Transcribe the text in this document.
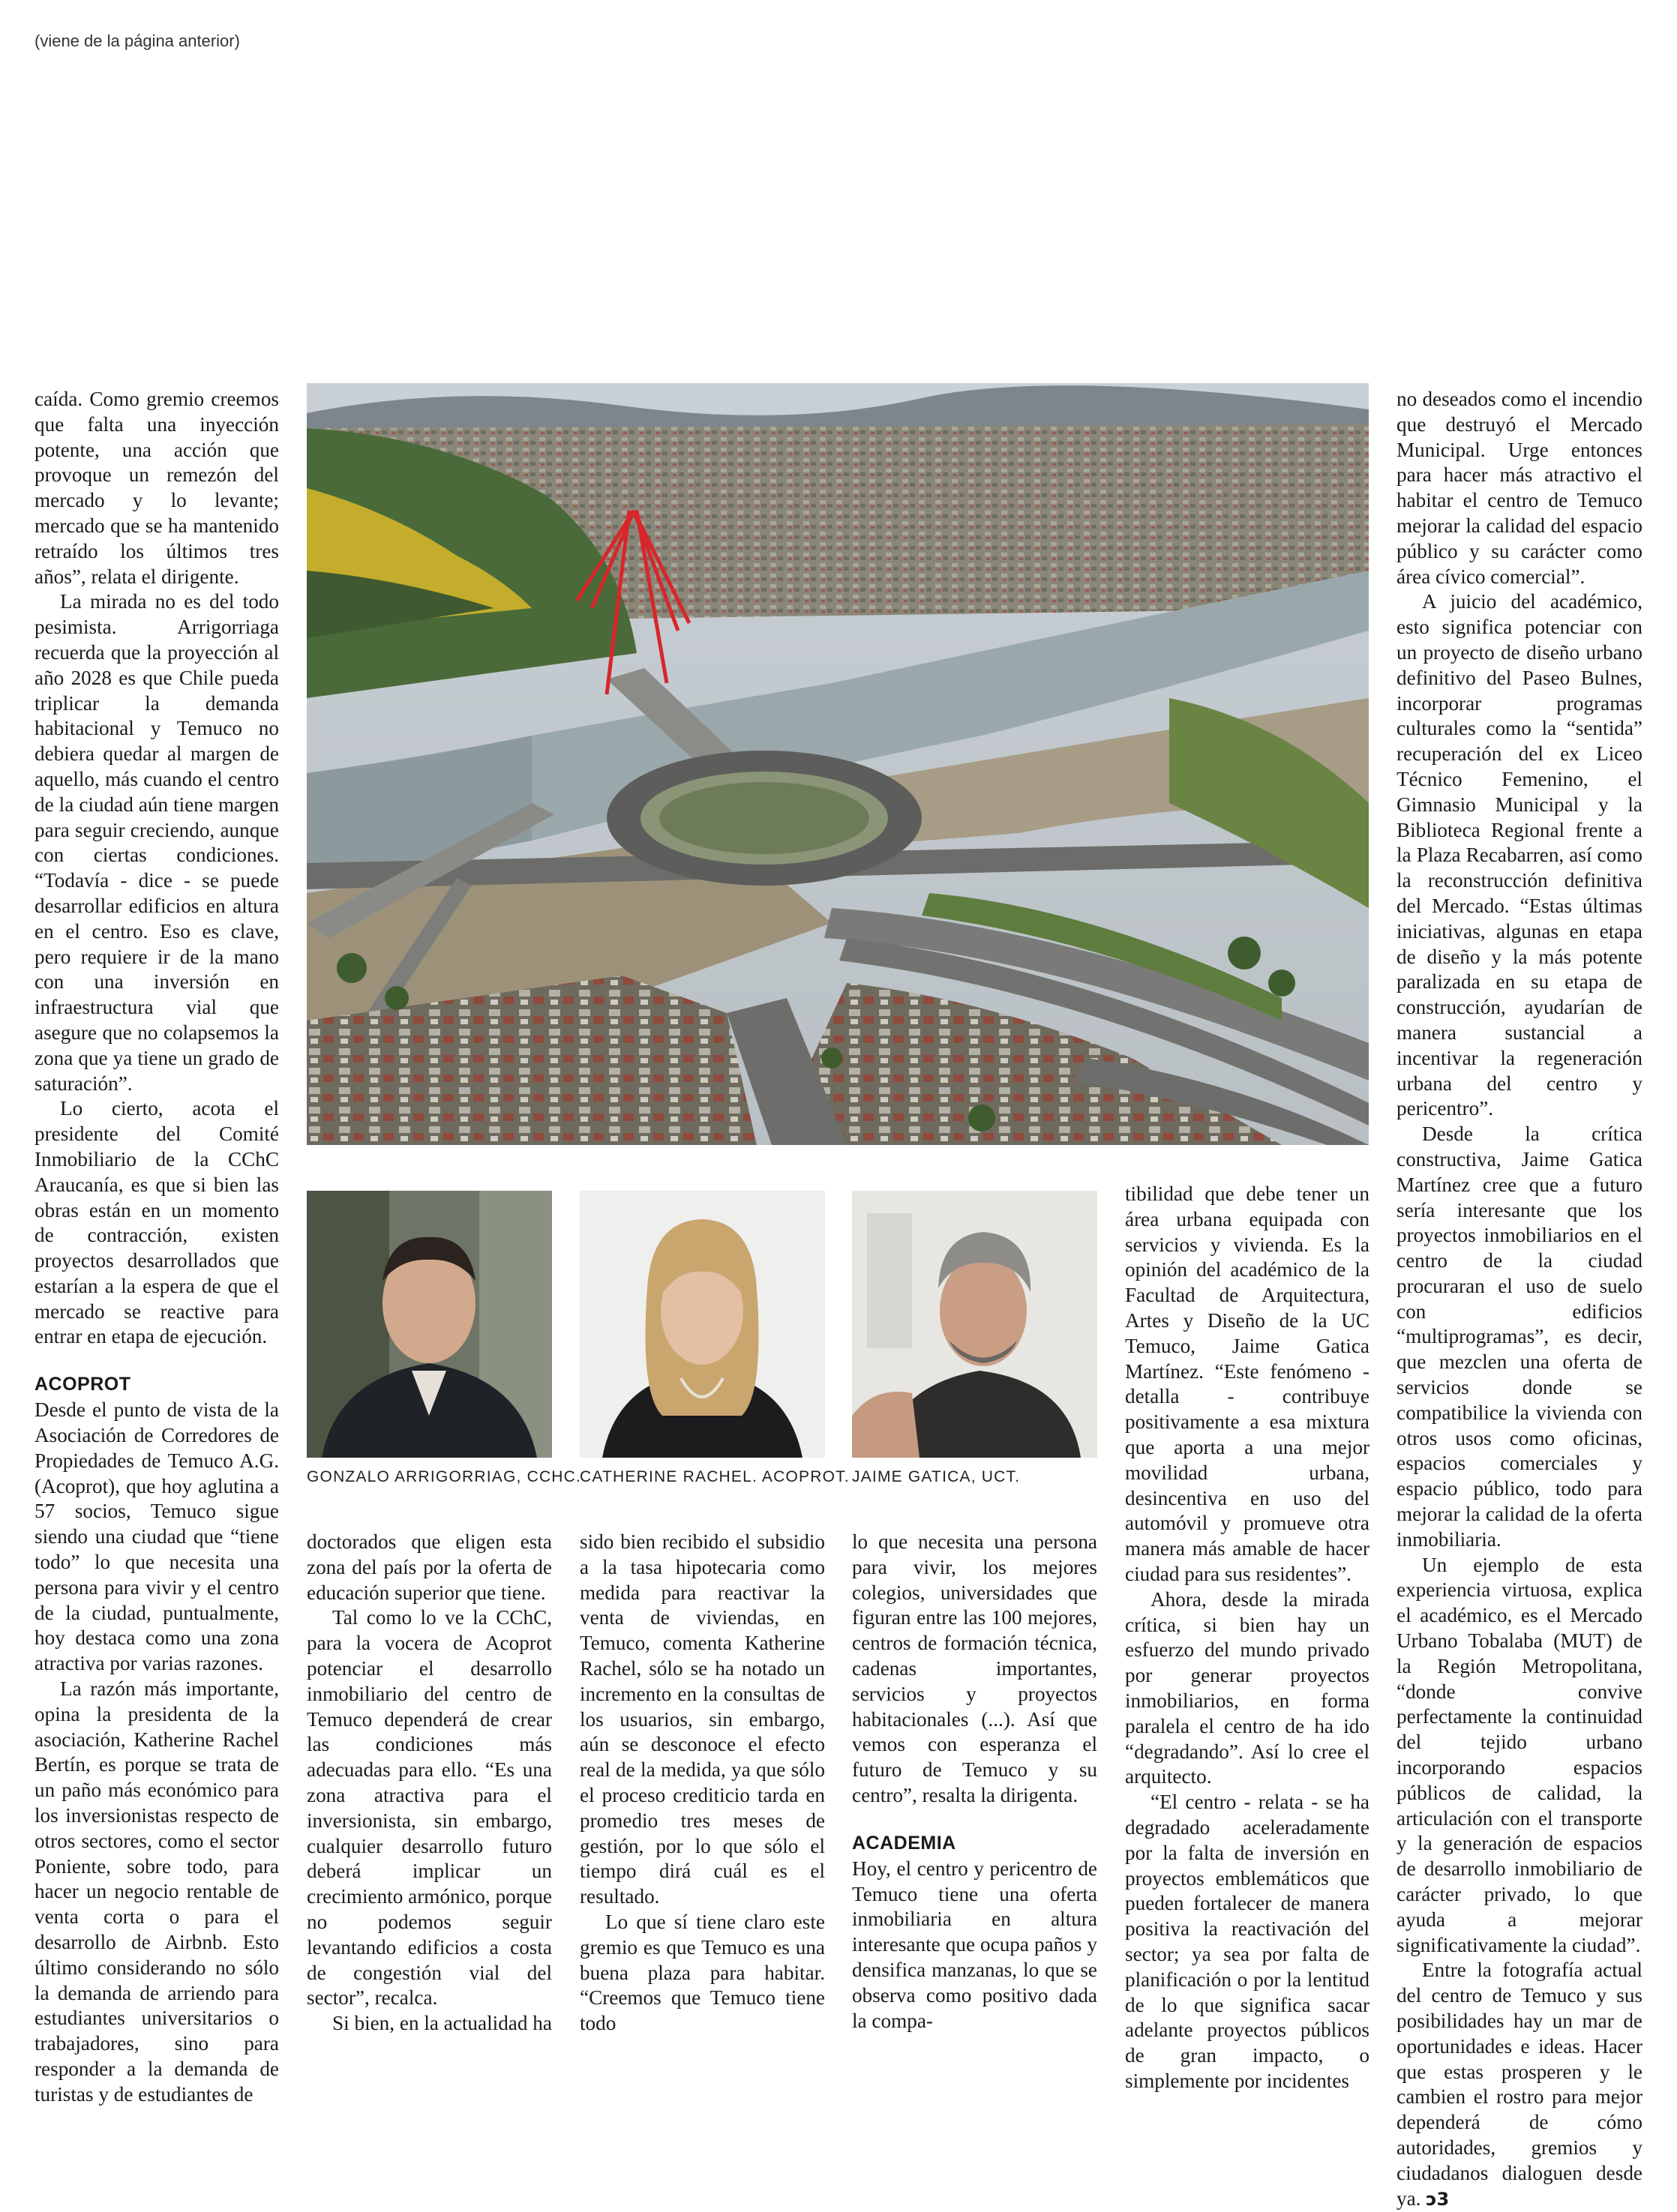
(viene de la página anterior)
GONZALO ARRIGORRIAG, CCHC.
CATHERINE RACHEL. ACOPROT. JAIME GATICA, UCT.

caída. Como gremio creemos que falta una inyección potente, una acción que provoque un remezón del mercado y lo levante; mercado que se ha mantenido retraído los últimos tres años”, relata el dirigente.

La mirada no es del todo pesimista. Arrigorriaga recuerda que la proyección al año 2028 es que Chile pueda triplicar la demanda habitacional y Temuco no debiera quedar al margen de aquello, más cuando el centro de la ciudad aún tiene margen para seguir creciendo, aunque con ciertas condiciones. “Todavía - dice - se puede desarrollar edificios en altura en el centro. Eso es clave, pero requiere ir de la mano con una inversión en infraestructura vial que asegure que no colapsemos la zona que ya tiene un grado de saturación”.

Lo cierto, acota el presidente del Comité Inmobiliario de la CChC Araucanía, es que si bien las obras están en un momento de contracción, existen proyectos desarrollados que estarían a la espera de que el mercado se reactive para entrar en etapa de ejecución.

ACOPROT

Desde el punto de vista de la Asociación de Corredores de Propiedades de Temuco A.G. (Acoprot), que hoy aglutina a 57 socios, Temuco sigue siendo una ciudad que “tiene todo” lo que necesita una persona para vivir y el centro de la ciudad, puntualmente, hoy destaca como una zona atractiva por varias razones.

La razón más importante, opina la presidenta de la asociación, Katherine Rachel Bertín, es porque se trata de un paño más económico para los inversionistas respecto de otros sectores, como el sector Poniente, sobre todo, para hacer un negocio rentable de venta corta o para el desarrollo de Airbnb. Esto último considerando no sólo la demanda de arriendo para estudiantes universitarios o trabajadores, sino para responder a la demanda de turistas y de estudiantes de

doctorados que eligen esta zona del país por la oferta de educación superior que tiene.

Tal como lo ve la CChC, para la vocera de Acoprot potenciar el desarrollo inmobiliario del centro de Temuco dependerá de crear las condiciones más adecuadas para ello. “Es una zona atractiva para el inversionista, sin embargo, cualquier desarrollo futuro deberá implicar un crecimiento armónico, porque no podemos seguir levantando edificios a costa de congestión vial del sector”, recalca.

Si bien, en la actualidad ha

sido bien recibido el subsidio a la tasa hipotecaria como medida para reactivar la venta de viviendas, en Temuco, comenta Katherine Rachel, sólo se ha notado un incremento en la consultas de los usuarios, sin embargo, aún se desconoce el efecto real de la medida, ya que sólo el proceso crediticio tarda en promedio tres meses de gestión, por lo que sólo el tiempo dirá cuál es el resultado.

Lo que sí tiene claro este gremio es que Temuco es una buena plaza para habitar. “Creemos que Temuco tiene todo

lo que necesita una persona para vivir, los mejores colegios, universidades que figuran entre las 100 mejores, centros de formación técnica, cadenas importantes, servicios y proyectos habitacionales (...). Así que vemos con esperanza el futuro de Temuco y su centro”, resalta la dirigenta.

ACADEMIA

Hoy, el centro y pericentro de Temuco tiene una oferta inmobiliaria en altura interesante que ocupa paños y densifica manzanas, lo que se observa como positivo dada la compa-

tibilidad que debe tener un área urbana equipada con servicios y vivienda. Es la opinión del académico de la Facultad de Arquitectura, Artes y Diseño de la UC Temuco, Jaime Gatica Martínez. “Este fenómeno - detalla - contribuye positivamente a esa mixtura que aporta a una mejor movilidad urbana, desincentiva en uso del automóvil y promueve otra manera más amable de hacer ciudad para sus residentes”.

Ahora, desde la mirada crítica, si bien hay un esfuerzo del mundo privado por generar proyectos inmobiliarios, en forma paralela el centro de ha ido “degradando”. Así lo cree el arquitecto.

“El centro - relata - se ha degradado aceleradamente por la falta de inversión en proyectos emblemáticos que pueden fortalecer de manera positiva la reactivación del sector; ya sea por falta de planificación o por la lentitud de lo que significa sacar adelante proyectos públicos de gran impacto, o simplemente por incidentes

no deseados como el incendio que destruyó el Mercado Municipal. Urge entonces para hacer más atractivo el habitar el centro de Temuco mejorar la calidad del espacio público y su carácter como área cívico comercial”.

A juicio del académico, esto significa potenciar con un proyecto de diseño urbano definitivo del Paseo Bulnes, incorporar programas culturales como la “sentida” recuperación del ex Liceo Técnico Femenino, el Gimnasio Municipal y la Biblioteca Regional frente a la Plaza Recabarren, así como la reconstrucción definitiva del Mercado. “Estas últimas iniciativas, algunas en etapa de diseño y la más potente paralizada en su etapa de construcción, ayudarían de manera sustancial a incentivar la regeneración urbana del centro y pericentro”.

Desde la crítica constructiva, Jaime Gatica Martínez cree que a futuro sería interesante que los proyectos inmobiliarios en el centro de la ciudad procuraran el uso de suelo con edificios “multiprogramas”, es decir, que mezclen una oferta de servicios donde se compatibilice la vivienda con otros usos como oficinas, espacios comerciales y espacio público, todo para mejorar la calidad de la oferta inmobiliaria.

Un ejemplo de esta experiencia virtuosa, explica el académico, es el Mercado Urbano Tobalaba (MUT) de la Región Metropolitana, “donde convive perfectamente la continuidad del tejido urbano incorporando espacios públicos de calidad, la articulación con el transporte y la generación de espacios de desarrollo inmobiliario de carácter privado, lo que ayuda a mejorar significativamente la ciudad”.

Entre la fotografía actual del centro de Temuco y sus posibilidades hay un mar de oportunidades e ideas. Hacer que estas prosperen y le cambien el rostro para mejor dependerá de cómo autoridades, gremios y ciudadanos dialoguen desde ya. ↄ3
